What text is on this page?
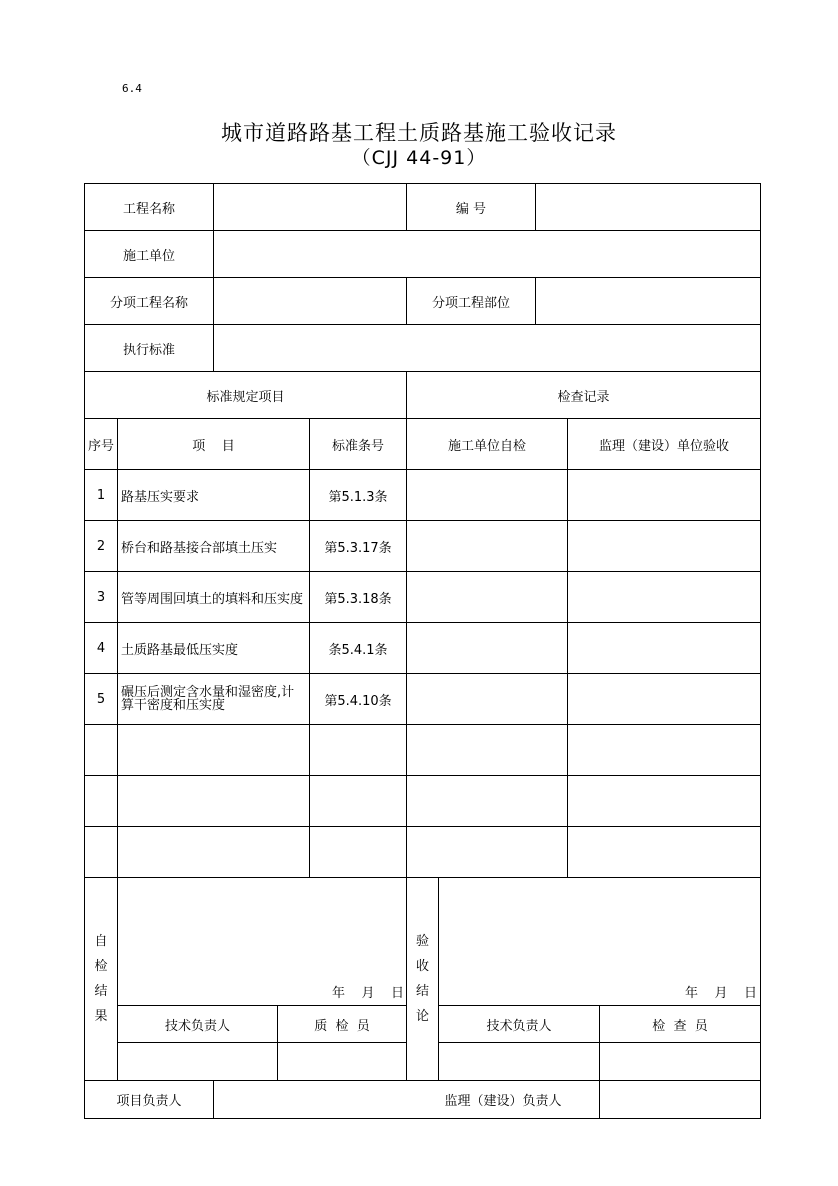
6.4
城市道路路基工程土质路基施工验收记录
（CJJ 44-91）
工程名称	编 号
施工单位
分项工程名称	分项工程部位
执行标准
标准规定项目	检查记录
序号	项    目	标准条号	施工单位自检	监理（建设）单位验收
1	路基压实要求	第5.1.3条
2	桥台和路基接合部填土压实	第5.3.17条
3	管等周围回填土的填料和压实度	第5.3.18条
4	土质路基最低压实度	条5.4.1条
5	碾压后测定含水量和湿密度,计算干密度和压实度	第5.4.10条
自
检
结
果
年    月    日
技术负责人	质  检  员
验
收
结
论
年    月    日
技术负责人	检  查  员
项目负责人	监理（建设）负责人
